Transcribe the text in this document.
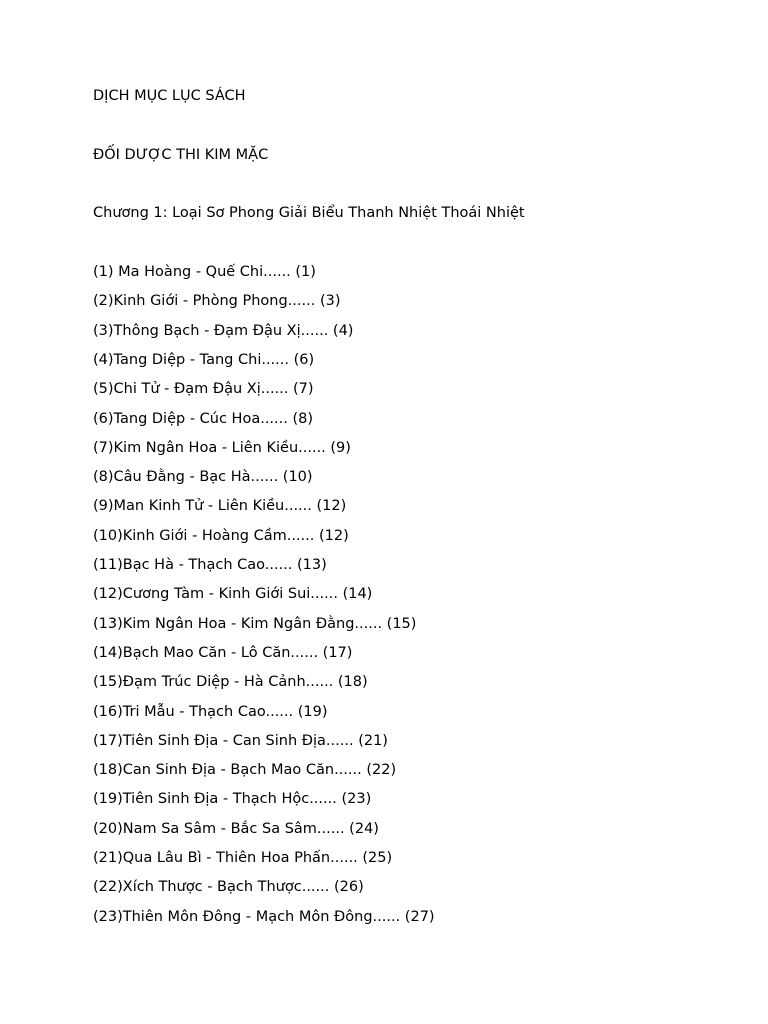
DỊCH MỤC LỤC SÁCH

ĐỐI DƯỢC THI KIM MẶC

Chương 1: Loại Sơ Phong Giải Biểu Thanh Nhiệt Thoái Nhiệt

(1) Ma Hoàng - Quế Chi...... (1)
(2)Kinh Giới - Phòng Phong...... (3)
(3)Thông Bạch - Đạm Đậu Xị...... (4)
(4)Tang Diệp - Tang Chi...... (6)
(5)Chi Tử - Đạm Đậu Xị...... (7)
(6)Tang Diệp - Cúc Hoa...... (8)
(7)Kim Ngân Hoa - Liên Kiều...... (9)
(8)Câu Đằng - Bạc Hà...... (10)
(9)Man Kinh Tử - Liên Kiều...... (12)
(10)Kinh Giới - Hoàng Cầm...... (12)
(11)Bạc Hà - Thạch Cao...... (13)
(12)Cương Tàm - Kinh Giới Sui...... (14)
(13)Kim Ngân Hoa - Kim Ngân Đằng...... (15)
(14)Bạch Mao Căn - Lô Căn...... (17)
(15)Đạm Trúc Diệp - Hà Cảnh...... (18)
(16)Tri Mẫu - Thạch Cao...... (19)
(17)Tiên Sinh Địa - Can Sinh Địa...... (21)
(18)Can Sinh Địa - Bạch Mao Căn...... (22)
(19)Tiên Sinh Địa - Thạch Hộc...... (23)
(20)Nam Sa Sâm - Bắc Sa Sâm...... (24)
(21)Qua Lâu Bì - Thiên Hoa Phấn...... (25)
(22)Xích Thược - Bạch Thược...... (26)
(23)Thiên Môn Đông - Mạch Môn Đông...... (27)
